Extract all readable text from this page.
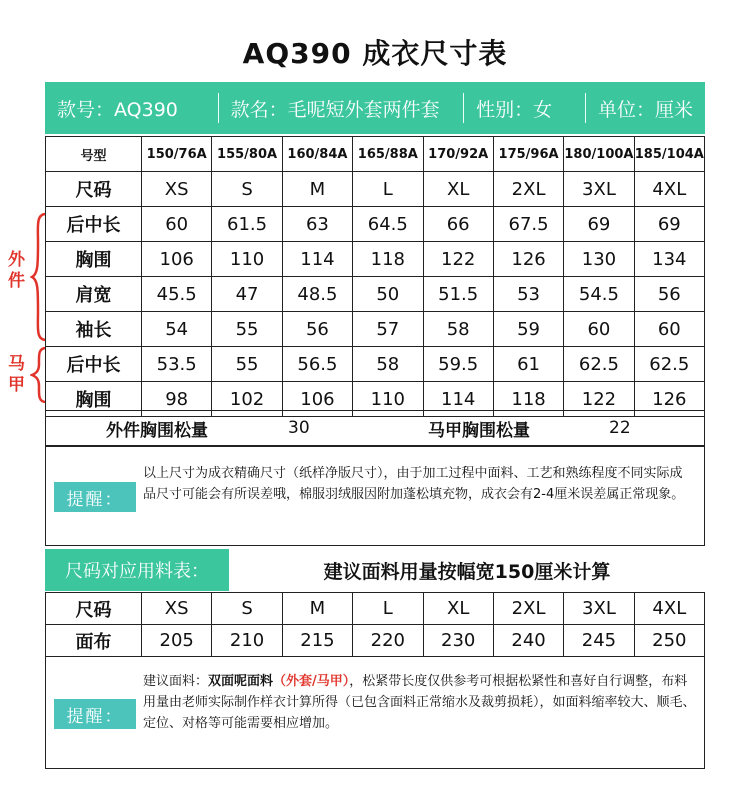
AQ390 成衣尺寸表
款号：AQ390	款名：毛呢短外套两件套	性别：女	单位：厘米
外件
马甲
号型	150/76A	155/80A	160/84A	165/88A	170/92A	175/96A	180/100A	185/104A
尺码	XS	S	M	L	XL	2XL	3XL	4XL
后中长	60	61.5	63	64.5	66	67.5	69	69
胸围	106	110	114	118	122	126	130	134
肩宽	45.5	47	48.5	50	51.5	53	54.5	56
袖长	54	55	56	57	58	59	60	60
后中长	53.5	55	56.5	58	59.5	61	62.5	62.5
胸围	98	102	106	110	114	118	122	126
外件胸围松量	30	马甲胸围松量	22
提醒：
以上尺寸为成衣精确尺寸（纸样净版尺寸），由于加工过程中面料、工艺和熟练程度不同实际成品尺寸可能会有所误差哦，棉服羽绒服因附加蓬松填充物，成衣会有2-4厘米误差属正常现象。
尺码对应用料表：	建议面料用量按幅宽150厘米计算
尺码	XS	S	M	L	XL	2XL	3XL	4XL
面布	205	210	215	220	230	240	245	250
提醒：
建议面料：双面呢面料（外套/马甲），松紧带长度仅供参考可根据松紧性和喜好自行调整，布料用量由老师实际制作样衣计算所得（已包含面料正常缩水及裁剪损耗），如面料缩率较大、顺毛、定位、对格等可能需要相应增加。
